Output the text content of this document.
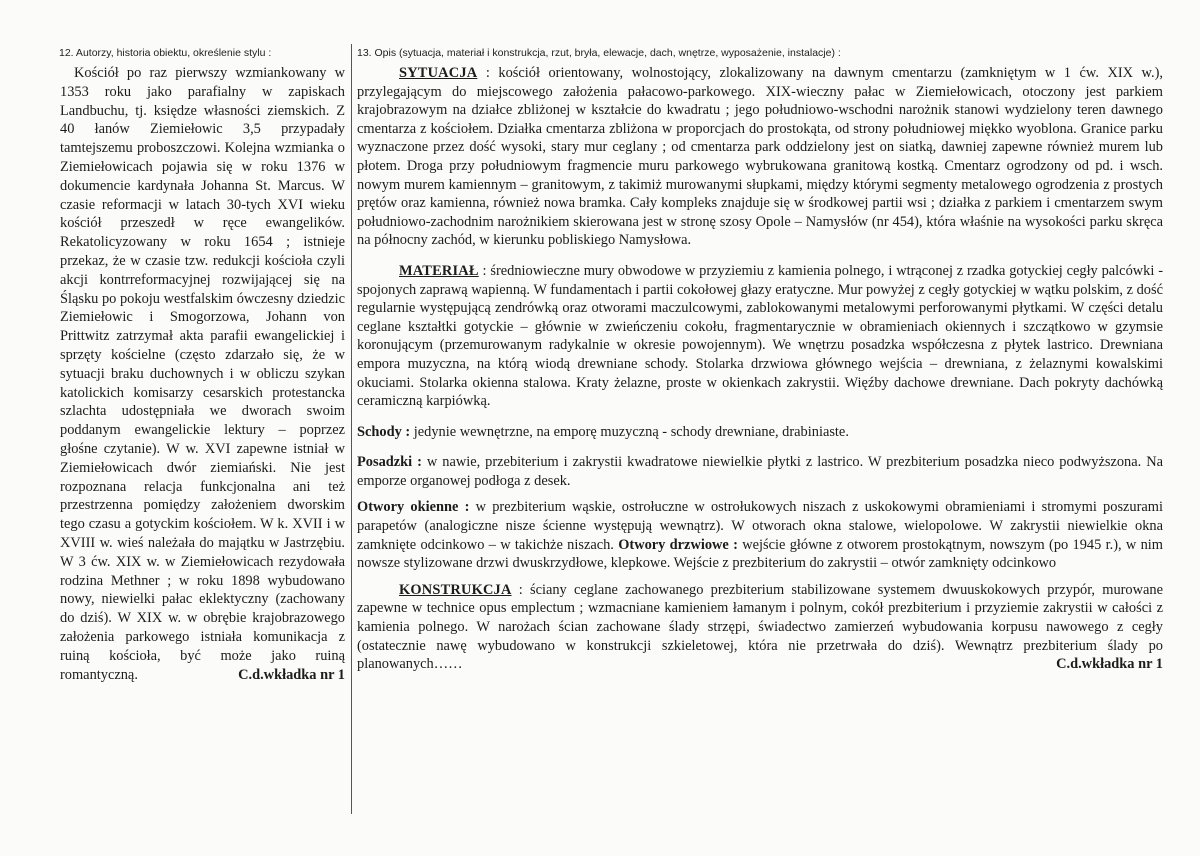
12. Autorzy, historia obiektu, określenie stylu :

Kościół po raz pierwszy wzmiankowany w 1353 roku jako parafialny w zapiskach Landbuchu, tj. księdze własności ziemskich. Z 40 łanów Ziemiełowic 3,5 przypadały tamtejszemu proboszczowi. Kolejna wzmianka o Ziemiełowicach pojawia się w roku 1376 w dokumencie kardynała Johanna St. Marcus. W czasie reformacji w latach 30-tych XVI wieku kościół przeszedł w ręce ewangelików. Rekatolicyzowany w roku 1654 ; istnieje przekaz, że w czasie tzw. redukcji kościoła czyli akcji kontrreformacyjnej rozwijającej się na Śląsku po pokoju westfalskim ówczesny dziedzic Ziemiełowic i Smogorzowa, Johann von Prittwitz zatrzymał akta parafii ewangelickiej i sprzęty kościelne (często zdarzało się, że w sytuacji braku duchownych i w obliczu szykan katolickich komisarzy cesarskich protestancka szlachta udostępniała we dworach swoim poddanym ewangelickie lektury – poprzez głośne czytanie). W w. XVI zapewne istniał w Ziemiełowicach dwór ziemiański. Nie jest rozpoznana relacja funkcjonalna ani też przestrzenna pomiędzy założeniem dworskim tego czasu a gotyckim kościołem. W k. XVII i w XVIII w. wieś należała do majątku w Jastrzębiu. W 3 ćw. XIX w. w Ziemiełowicach rezydowała rodzina Methner ; w roku 1898 wybudowano nowy, niewielki pałac eklektyczny (zachowany do dziś). W XIX w. w obrębie krajobrazowego założenia parkowego istniała komunikacja z ruiną kościoła, być może jako ruiną romantyczną.	C.d.wkładka nr 1

13. Opis (sytuacja, materiał i konstrukcja, rzut, bryła, elewacje, dach, wnętrze, wyposażenie, instalacje) :

SYTUACJA : kościół orientowany, wolnostojący, zlokalizowany na dawnym cmentarzu (zamkniętym w 1 ćw. XIX w.), przylegającym do miejscowego założenia pałacowo-parkowego. XIX-wieczny pałac w Ziemiełowicach, otoczony jest parkiem krajobrazowym na działce zbliżonej w kształcie do kwadratu ; jego południowo-wschodni narożnik stanowi wydzielony teren dawnego cmentarza z kościołem. Działka cmentarza zbliżona w proporcjach do prostokąta, od strony południowej miękko wyoblona. Granice parku wyznaczone przez dość wysoki, stary mur ceglany ; od cmentarza park oddzielony jest on siatką, dawniej zapewne również murem lub płotem. Droga przy południowym fragmencie muru parkowego wybrukowana granitową kostką. Cmentarz ogrodzony od pd. i wsch. nowym murem kamiennym – granitowym, z takimiż murowanymi słupkami, między którymi segmenty metalowego ogrodzenia z prostych prętów oraz kamienna, również nowa bramka. Cały kompleks znajduje się w środkowej partii wsi ; działka z parkiem i cmentarzem swym południowo-zachodnim narożnikiem skierowana jest w stronę szosy Opole – Namysłów (nr 454), która właśnie na wysokości parku skręca na północny zachód, w kierunku pobliskiego Namysłowa.

MATERIAŁ : średniowieczne mury obwodowe w przyziemiu z kamienia polnego, i wtrąconej z rzadka gotyckiej cegły palcówki - spojonych zaprawą wapienną. W fundamentach i partii cokołowej głazy eratyczne. Mur powyżej z cegły gotyckiej w wątku polskim, z dość regularnie występującą zendrówką oraz otworami maczulcowymi, zablokowanymi metalowymi perforowanymi płytkami. W części detalu ceglane kształtki gotyckie – głównie w zwieńczeniu cokołu, fragmentarycznie w obramieniach okiennych i szczątkowo w gzymsie koronującym (przemurowanym radykalnie w okresie powojennym). We wnętrzu posadzka współczesna z płytek lastrico. Drewniana empora muzyczna, na którą wiodą drewniane schody. Stolarka drzwiowa głównego wejścia – drewniana, z żelaznymi kowalskimi okuciami. Stolarka okienna stalowa. Kraty żelazne, proste w okienkach zakrystii. Więźby dachowe drewniane. Dach pokryty dachówką ceramiczną karpiówką.

Schody : jedynie wewnętrzne, na emporę muzyczną - schody drewniane, drabiniaste.

Posadzki : w nawie, przebiterium i zakrystii kwadratowe niewielkie płytki z lastrico. W prezbiterium posadzka nieco podwyższona. Na emporze organowej podłoga z desek.

Otwory okienne : w prezbiterium wąskie, ostrołuczne w ostrołukowych niszach z uskokowymi obramieniami i stromymi poszurami parapetów (analogiczne nisze ścienne występują wewnątrz). W otworach okna stalowe, wielopolowe. W zakrystii niewielkie okna zamknięte odcinkowo – w takichże niszach. Otwory drzwiowe : wejście główne z otworem prostokątnym, nowszym (po 1945 r.), w nim nowsze stylizowane drzwi dwuskrzydłowe, klepkowe. Wejście z prezbiterium do zakrystii – otwór zamknięty odcinkowo

KONSTRUKCJA : ściany ceglane zachowanego prezbiterium stabilizowane systemem dwuuskokowych przypór, murowane zapewne w technice opus emplectum ; wzmacniane kamieniem łamanym i polnym, cokół prezbiterium i przyziemie zakrystii w całości z kamienia polnego. W narożach ścian zachowane ślady strzępi, świadectwo zamierzeń wybudowania korpusu nawowego z cegły (ostatecznie nawę wybudowano w konstrukcji szkieletowej, która nie przetrwała do dziś). Wewnątrz prezbiterium ślady po planowanych……	C.d.wkładka nr 1
